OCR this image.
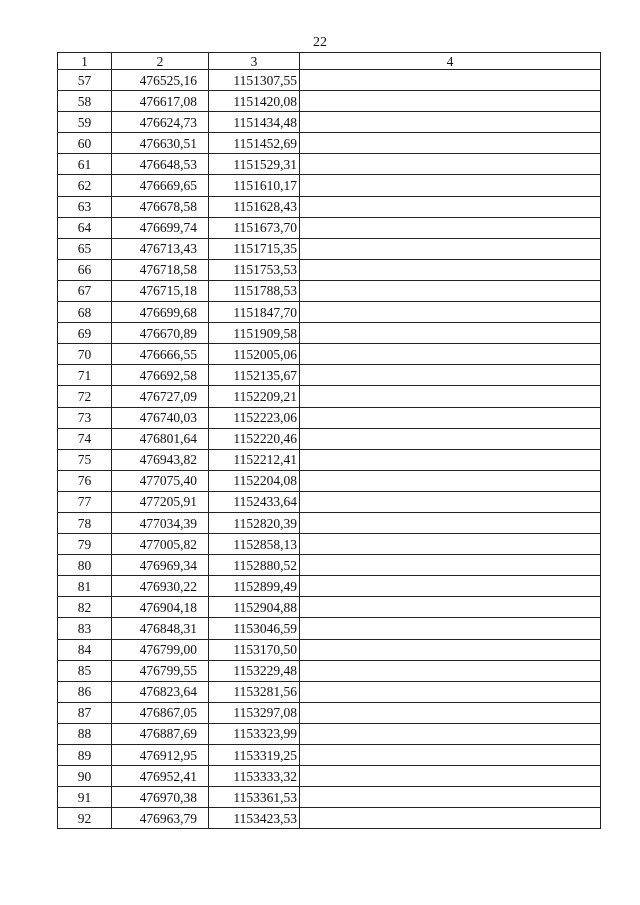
22
1	2	3	4
57	476525,16	1151307,55	
58	476617,08	1151420,08	
59	476624,73	1151434,48	
60	476630,51	1151452,69	
61	476648,53	1151529,31	
62	476669,65	1151610,17	
63	476678,58	1151628,43	
64	476699,74	1151673,70	
65	476713,43	1151715,35	
66	476718,58	1151753,53	
67	476715,18	1151788,53	
68	476699,68	1151847,70	
69	476670,89	1151909,58	
70	476666,55	1152005,06	
71	476692,58	1152135,67	
72	476727,09	1152209,21	
73	476740,03	1152223,06	
74	476801,64	1152220,46	
75	476943,82	1152212,41	
76	477075,40	1152204,08	
77	477205,91	1152433,64	
78	477034,39	1152820,39	
79	477005,82	1152858,13	
80	476969,34	1152880,52	
81	476930,22	1152899,49	
82	476904,18	1152904,88	
83	476848,31	1153046,59	
84	476799,00	1153170,50	
85	476799,55	1153229,48	
86	476823,64	1153281,56	
87	476867,05	1153297,08	
88	476887,69	1153323,99	
89	476912,95	1153319,25	
90	476952,41	1153333,32	
91	476970,38	1153361,53	
92	476963,79	1153423,53	
